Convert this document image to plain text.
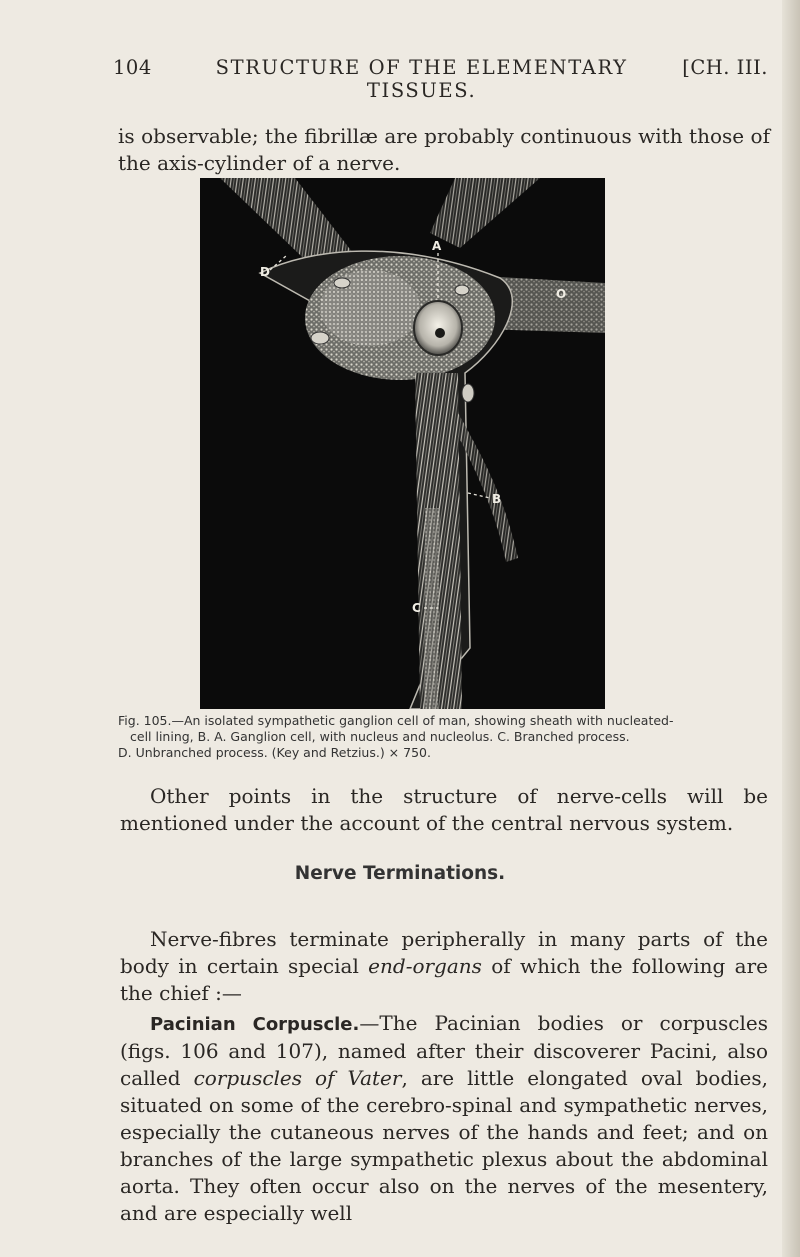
104	STRUCTURE OF THE ELEMENTARY TISSUES.
[CH. III.

is observable; the fibrillæ are probably continuous with those of the axis-cylinder of a nerve.

A
B
C
D
O
Fig. 105.—An isolated sympathetic ganglion cell of man, showing sheath with nucleated-
cell lining, B. A. Ganglion cell, with nucleus and nucleolus. C. Branched process.
D. Unbranched process. (Key and Retzius.) × 750.

Other points in the structure of nerve-cells will be mentioned under the account of the central nervous system.

Nerve Terminations.

Nerve-fibres terminate peripherally in many parts of the body in certain special end-organs of which the following are the chief :—

Pacinian Corpuscle.—The Pacinian bodies or corpuscles (figs. 106 and 107), named after their discoverer Pacini, also called corpuscles of Vater, are little elongated oval bodies, situated on some of the cerebro-spinal and sympathetic nerves, especially the cutaneous nerves of the hands and feet; and on branches of the large sympathetic plexus about the abdominal aorta. They often occur also on the nerves of the mesentery, and are especially well
